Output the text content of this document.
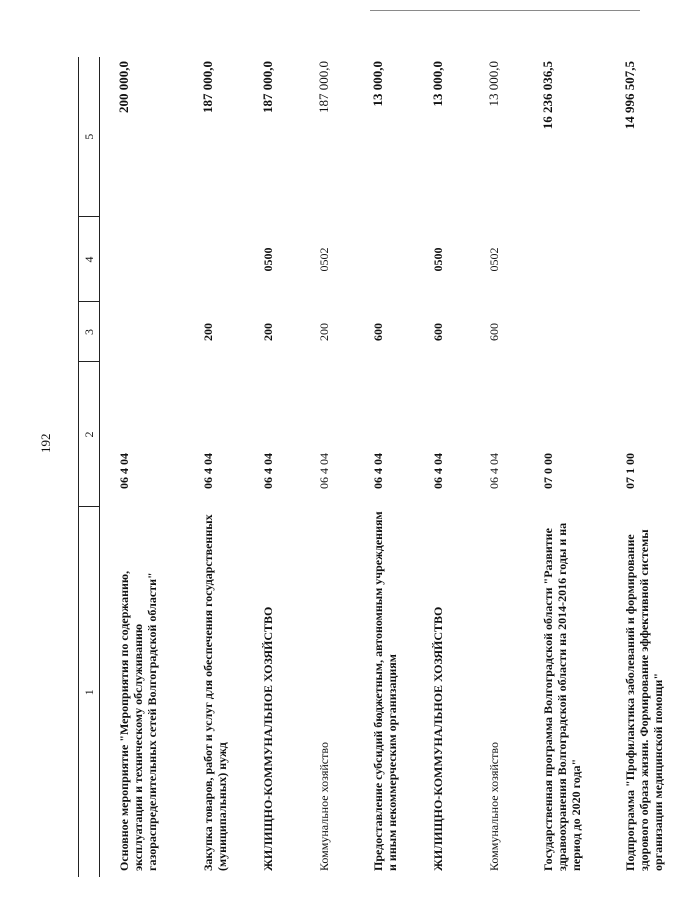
192
1	2	3	4	5

Основное мероприятие "Мероприятия по содержанию, эксплуатации и техническому обслуживанию газораспределительных сетей Волгоградской области"	06 4 04			200 000,0

Закупка товаров, работ и услуг для обеспечения государственных (муниципальных) нужд	06 4 04	200		187 000,0

ЖИЛИЩНО-КОММУНАЛЬНОЕ ХОЗЯЙСТВО	06 4 04	200	0500	187 000,0

Коммунальное хозяйство	06 4 04	200	0502	187 000,0

Предоставление субсидий бюджетным, автономным учреждениям и иным некоммерческим организациям	06 4 04	600		13 000,0

ЖИЛИЩНО-КОММУНАЛЬНОЕ ХОЗЯЙСТВО	06 4 04	600	0500	13 000,0

Коммунальное хозяйство	06 4 04	600	0502	13 000,0

Государственная программа Волгоградской области "Развитие здравоохранения Волгоградской области на 2014-2016 годы и на период до 2020 года"	07 0 00			16 236 036,5

Подпрограмма "Профилактика заболеваний и формирование здорового образа жизни. Формирование эффективной системы организации медицинской помощи"	07 1 00			14 996 507,5
